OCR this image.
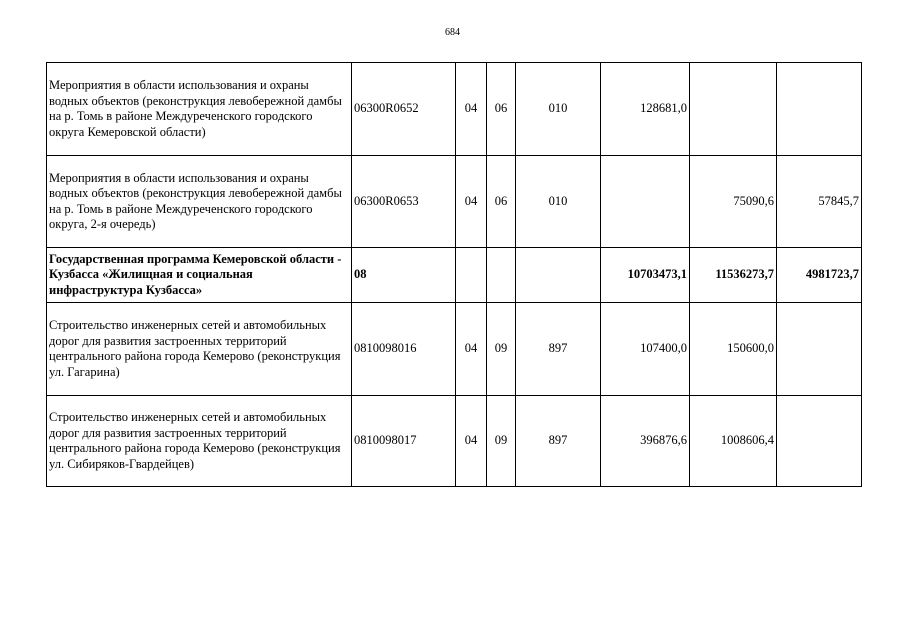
684
Мероприятия в области использования и охраны водных объектов (реконструкция левобережной дамбы на р. Томь в районе Междуреченского городского округа Кемеровской области)	06300R0652	04	06	010	128681,0		
Мероприятия в области использования и охраны водных объектов (реконструкция левобережной дамбы на р. Томь в районе Междуреченского городского округа, 2-я очередь)	06300R0653	04	06	010		75090,6	57845,7
Государственная программа Кемеровской области - Кузбасса «Жилищная и социальная инфраструктура Кузбасса»	08				10703473,1	11536273,7	4981723,7
Строительство инженерных сетей и автомобильных дорог для развития застроенных территорий центрального района города Кемерово (реконструкция ул. Гагарина)	0810098016	04	09	897	107400,0	150600,0	
Строительство инженерных сетей и автомобильных дорог для развития застроенных территорий центрального района города Кемерово (реконструкция ул. Сибиряков-Гвардейцев)	0810098017	04	09	897	396876,6	1008606,4	
